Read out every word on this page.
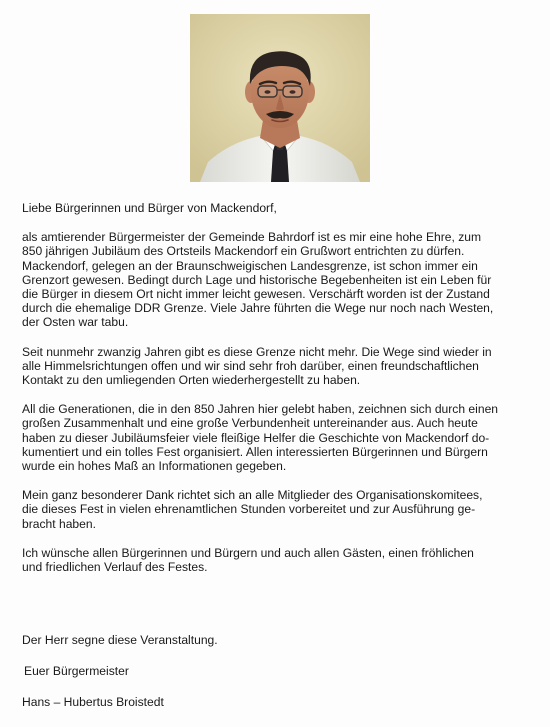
Liebe Bürgerinnen und Bürger von Mackendorf,

als amtierender Bürgermeister der Gemeinde Bahrdorf ist es mir eine hohe Ehre, zum
850 jährigen Jubiläum des Ortsteils Mackendorf ein Grußwort entrichten zu dürfen.
Mackendorf, gelegen an der Braunschweigischen Landesgrenze, ist schon immer ein
Grenzort gewesen. Bedingt durch Lage und historische Begebenheiten ist ein Leben für
die Bürger in diesem Ort nicht immer leicht gewesen. Verschärft worden ist der Zustand
durch die ehemalige DDR Grenze. Viele Jahre führten die Wege nur noch nach Westen,
der Osten war tabu.

Seit nunmehr zwanzig Jahren gibt es diese Grenze nicht mehr. Die Wege sind wieder in
alle Himmelsrichtungen offen und wir sind sehr froh darüber, einen freundschaftlichen
Kontakt zu den umliegenden Orten wiederhergestellt zu haben.

All die Generationen, die in den 850 Jahren hier gelebt haben, zeichnen sich durch einen
großen Zusammenhalt und eine große Verbundenheit untereinander aus. Auch heute
haben zu dieser Jubiläumsfeier viele fleißige Helfer die Geschichte von Mackendorf do-
kumentiert und ein tolles Fest organisiert. Allen interessierten Bürgerinnen und Bürgern
wurde ein hohes Maß an Informationen gegeben.

Mein ganz besonderer Dank richtet sich an alle Mitglieder des Organisationskomitees,
die dieses Fest in vielen ehrenamtlichen Stunden vorbereitet und zur Ausführung ge-
bracht haben.

Ich wünsche allen Bürgerinnen und Bürgern und auch allen Gästen, einen fröhlichen
und friedlichen Verlauf des Festes.

Der Herr segne diese Veranstaltung.
Euer Bürgermeister
Hans – Hubertus Broistedt
